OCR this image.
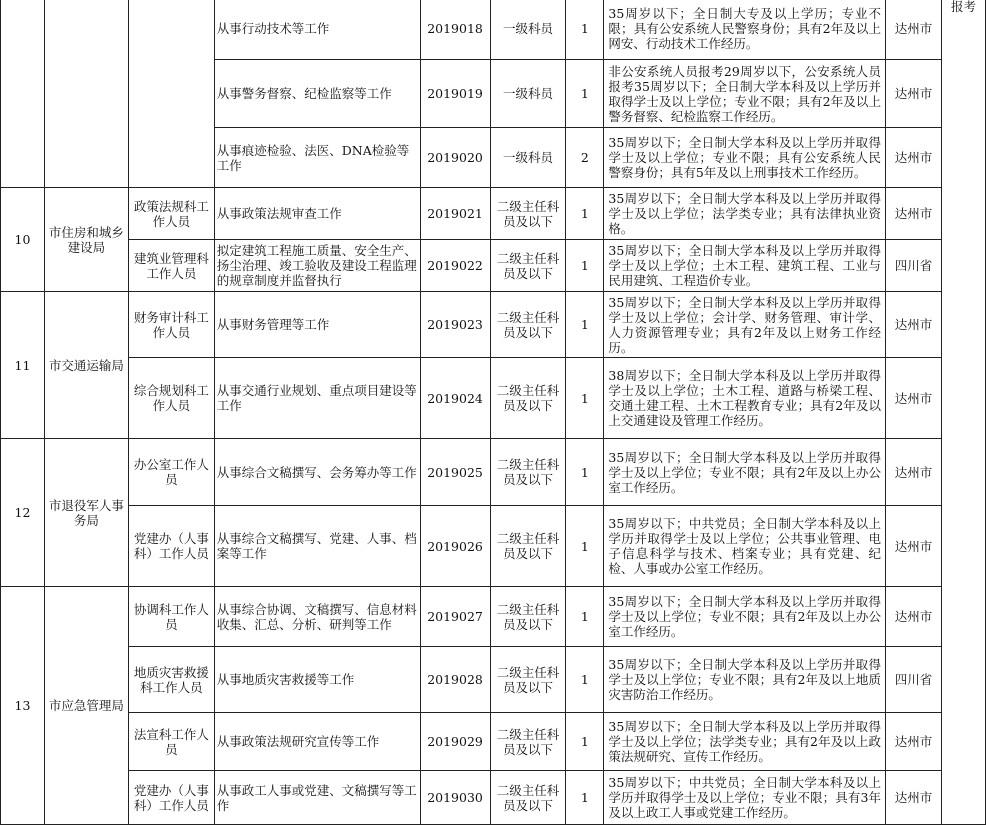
			从事行动技术等工作	2019018	一级科员	1	35周岁以下；全日制大专及以上学历；专业不限；具有公安系统人民警察身份；具有2年及以上网安、行动技术工作经历。	达州市	报考
			从事警务督察、纪检监察等工作	2019019	一级科员	1	非公安系统人员报考29周岁以下，公安系统人员报考35周岁以下；全日制大学本科及以上学历并取得学士及以上学位；专业不限；具有2年及以上警务督察、纪检监察工作经历。	达州市	
			从事痕迹检验、法医、DNA检验等工作	2019020	一级科员	2	35周岁以下；全日制大学本科及以上学历并取得学士及以上学位；专业不限；具有公安系统人民警察身份；具有5年及以上刑事技术工作经历。	达州市	
10	市住房和城乡建设局	政策法规科工作人员	从事政策法规审查工作	2019021	二级主任科员及以下	1	35周岁以下；全日制大学本科及以上学历并取得学士及以上学位；法学类专业；具有法律执业资格。	达州市	
		建筑业管理科工作人员	拟定建筑工程施工质量、安全生产、扬尘治理、竣工验收及建设工程监理的规章制度并监督执行	2019022	二级主任科员及以下	1	35周岁以下；全日制大学本科及以上学历并取得学士及以上学位；土木工程、建筑工程、工业与民用建筑、工程造价专业。	四川省	
11	市交通运输局	财务审计科工作人员	从事财务管理等工作	2019023	二级主任科员及以下	1	35周岁以下；全日制大学本科及以上学历并取得学士及以上学位；会计学、财务管理、审计学、人力资源管理专业；具有2年及以上财务工作经历。	达州市	
		综合规划科工作人员	从事交通行业规划、重点项目建设等工作	2019024	二级主任科员及以下	1	38周岁以下；全日制大学本科及以上学历并取得学士及以上学位；土木工程、道路与桥梁工程、交通土建工程、土木工程教育专业；具有2年及以上交通建设及管理工作经历。	达州市	
12	市退役军人事务局	办公室工作人员	从事综合文稿撰写、会务筹办等工作	2019025	二级主任科员及以下	1	35周岁以下；全日制大学本科及以上学历并取得学士及以上学位；专业不限；具有2年及以上办公室工作经历。	达州市	
		党建办（人事科）工作人员	从事综合文稿撰写、党建、人事、档案等工作	2019026	二级主任科员及以下	1	35周岁以下；中共党员；全日制大学本科及以上学历并取得学士及以上学位；公共事业管理、电子信息科学与技术、档案专业；具有党建、纪检、人事或办公室工作经历。	达州市	
13	市应急管理局	协调科工作人员	从事综合协调、文稿撰写、信息材料收集、汇总、分析、研判等工作	2019027	二级主任科员及以下	1	35周岁以下；全日制大学本科及以上学历并取得学士及以上学位；专业不限；具有2年及以上办公室工作经历。	达州市	
		地质灾害救援科工作人员	从事地质灾害救援等工作	2019028	二级主任科员及以下	1	35周岁以下；全日制大学本科及以上学历并取得学士及以上学位；专业不限；具有2年及以上地质灾害防治工作经历。	四川省	
		法宣科工作人员	从事政策法规研究宣传等工作	2019029	二级主任科员及以下	1	35周岁以下；全日制大学本科及以上学历并取得学士及以上学位；法学类专业；具有2年及以上政策法规研究、宣传工作经历。	达州市	
		党建办（人事科）工作人员	从事政工人事或党建、文稿撰写等工作	2019030	二级主任科员及以下	1	35周岁以下；中共党员；全日制大学本科及以上学历并取得学士及以上学位；专业不限；具有3年及以上政工人事或党建工作经历。	达州市	
